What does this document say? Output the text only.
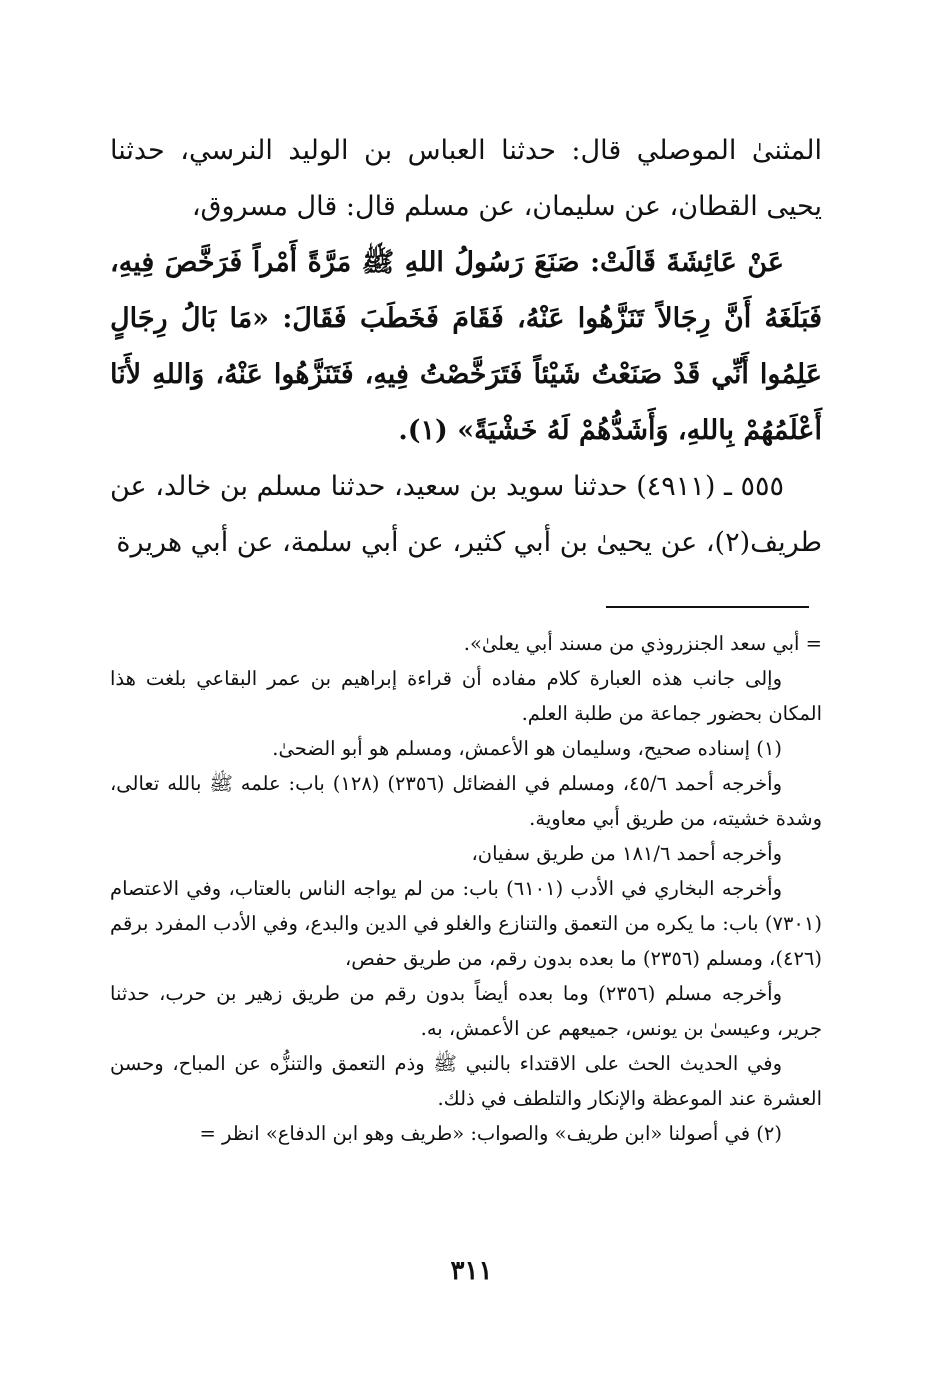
المثنىٰ الموصلي قال: حدثنا العباس بن الوليد النرسي، حدثنا يحيى القطان، عن سليمان، عن مسلم قال: قال مسروق،

عَنْ عَائِشَةَ قَالَتْ: صَنَعَ رَسُولُ اللهِ ﷺ مَرَّةً أَمْراً فَرَخَّصَ فِيهِ، فَبَلَغَهُ أَنَّ رِجَالاً تَنَزَّهُوا عَنْهُ، فَقَامَ فَخَطَبَ فَقَالَ: «مَا بَالُ رِجَالٍ عَلِمُوا أَنِّي قَدْ صَنَعْتُ شَيْئاً فَتَرَخَّصْتُ فِيهِ، فَتَنَزَّهُوا عَنْهُ، وَاللهِ لأَنَا أَعْلَمُهُمْ بِاللهِ، وَأَشَدُّهُمْ لَهُ خَشْيَةً» (١).

٥٥٥ ـ (٤٩١١) حدثنا سويد بن سعيد، حدثنا مسلم بن خالد، عن طريف(٢)، عن يحيىٰ بن أبي كثير، عن أبي سلمة، عن أبي هريرة

= أبي سعد الجنزروذي من مسند أبي يعلىٰ».

وإلى جانب هذه العبارة كلام مفاده أن قراءة إبراهيم بن عمر البقاعي بلغت هذا المكان بحضور جماعة من طلبة العلم.

(١) إسناده صحيح، وسليمان هو الأعمش، ومسلم هو أبو الضحىٰ.

وأخرجه أحمد ٤٥/٦، ومسلم في الفضائل (٢٣٥٦) (١٢٨) باب: علمه ﷺ بالله تعالى، وشدة خشيته، من طريق أبي معاوية.

وأخرجه أحمد ١٨١/٦ من طريق سفيان،

وأخرجه البخاري في الأدب (٦١٠١) باب: من لم يواجه الناس بالعتاب، وفي الاعتصام (٧٣٠١) باب: ما يكره من التعمق والتنازع والغلو في الدين والبدع، وفي الأدب المفرد برقم (٤٢٦)، ومسلم (٢٣٥٦) ما بعده بدون رقم، من طريق حفص،

وأخرجه مسلم (٢٣٥٦) وما بعده أيضاً بدون رقم من طريق زهير بن حرب، حدثنا جرير، وعيسىٰ بن يونس، جميعهم عن الأعمش، به.

وفي الحديث الحث على الاقتداء بالنبي ﷺ وذم التعمق والتنزُّه عن المباح، وحسن العشرة عند الموعظة والإنكار والتلطف في ذلك.

(٢) في أصولنا «ابن طريف» والصواب: «طريف وهو ابن الدفاع» انظر =

٣١١
